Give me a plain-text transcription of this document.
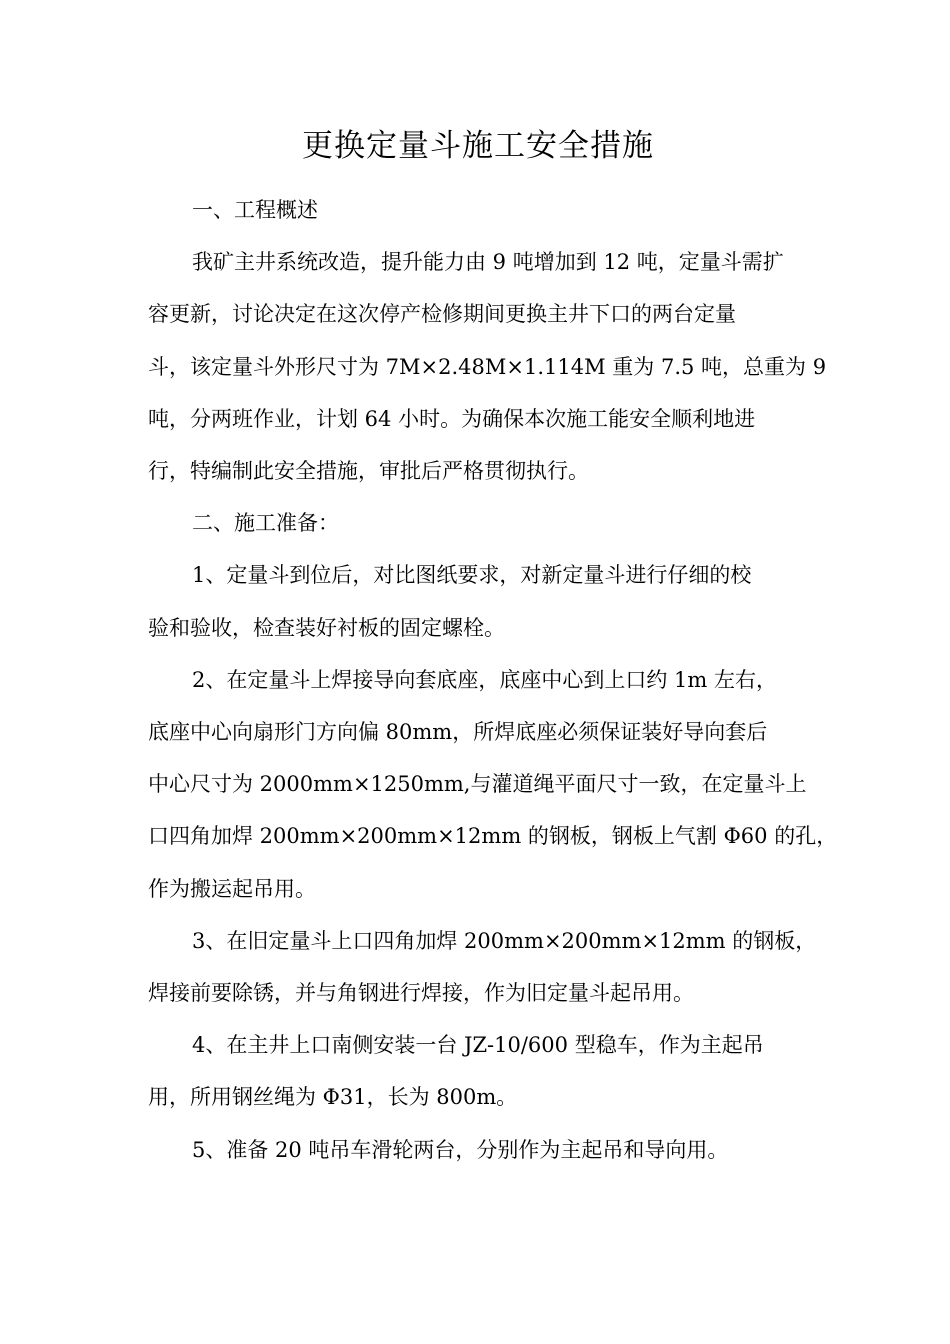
更换定量斗施工安全措施

一、工程概述

我矿主井系统改造，提升能力由 9 吨增加到 12 吨，定量斗需扩
容更新，讨论决定在这次停产检修期间更换主井下口的两台定量
斗，该定量斗外形尺寸为 7M×2.48M×1.114M 重为 7.5 吨，总重为 9
吨，分两班作业，计划 64 小时。为确保本次施工能安全顺利地进
行，特编制此安全措施，审批后严格贯彻执行。

二、施工准备：

1、定量斗到位后，对比图纸要求，对新定量斗进行仔细的校
验和验收，检查装好衬板的固定螺栓。

2、在定量斗上焊接导向套底座，底座中心到上口约 1m 左右，
底座中心向扇形门方向偏 80mm，所焊底座必须保证装好导向套后
中心尺寸为 2000mm×1250mm,与灌道绳平面尺寸一致，在定量斗上
口四角加焊 200mm×200mm×12mm 的钢板，钢板上气割 Φ60 的孔，
作为搬运起吊用。

3、在旧定量斗上口四角加焊 200mm×200mm×12mm 的钢板，
焊接前要除锈，并与角钢进行焊接，作为旧定量斗起吊用。

4、在主井上口南侧安装一台 JZ-10/600 型稳车，作为主起吊
用，所用钢丝绳为 Φ31，长为 800m。

5、准备 20 吨吊车滑轮两台，分别作为主起吊和导向用。
